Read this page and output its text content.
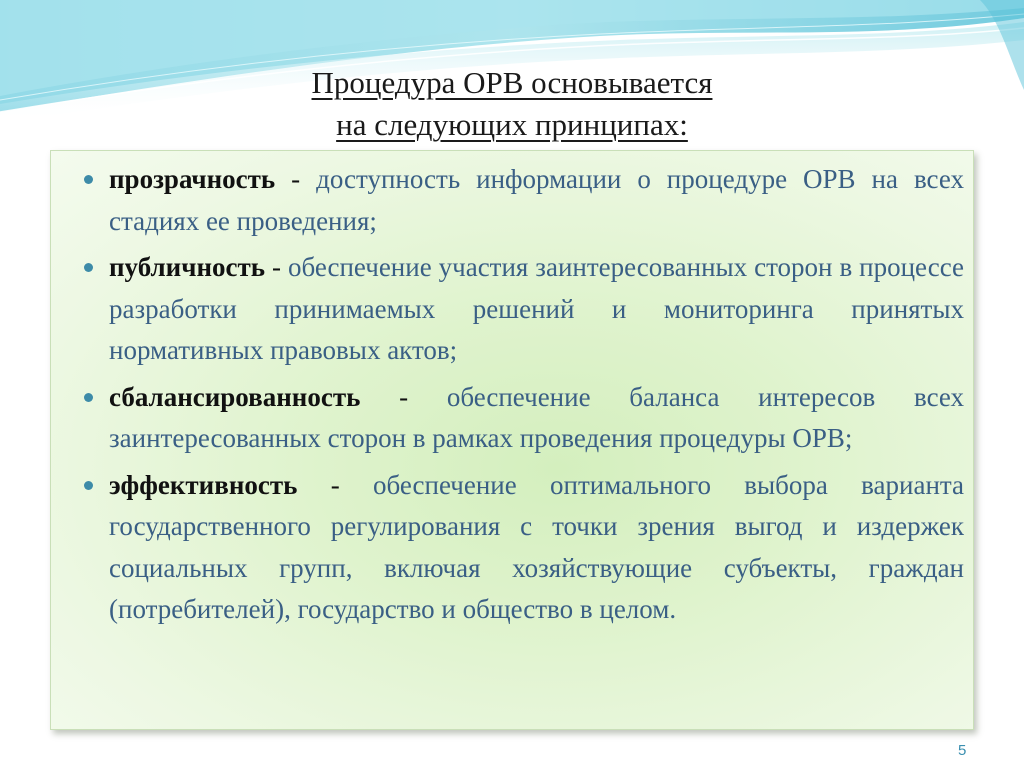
Процедура ОРВ основывается
на следующих принципах:
прозрачность - доступность информации о процедуре ОРВ на всех стадиях ее проведения;
публичность - обеспечение участия заинтересованных сторон в процессе разработки принимаемых решений и мониторинга принятых нормативных правовых актов;
сбалансированность - обеспечение баланса интересов всех заинтересованных сторон в рамках проведения процедуры ОРВ;
эффективность - обеспечение оптимального выбора варианта государственного регулирования с точки зрения выгод и издержек социальных групп, включая хозяйствующие субъекты, граждан (потребителей), государство и общество в целом.
5
